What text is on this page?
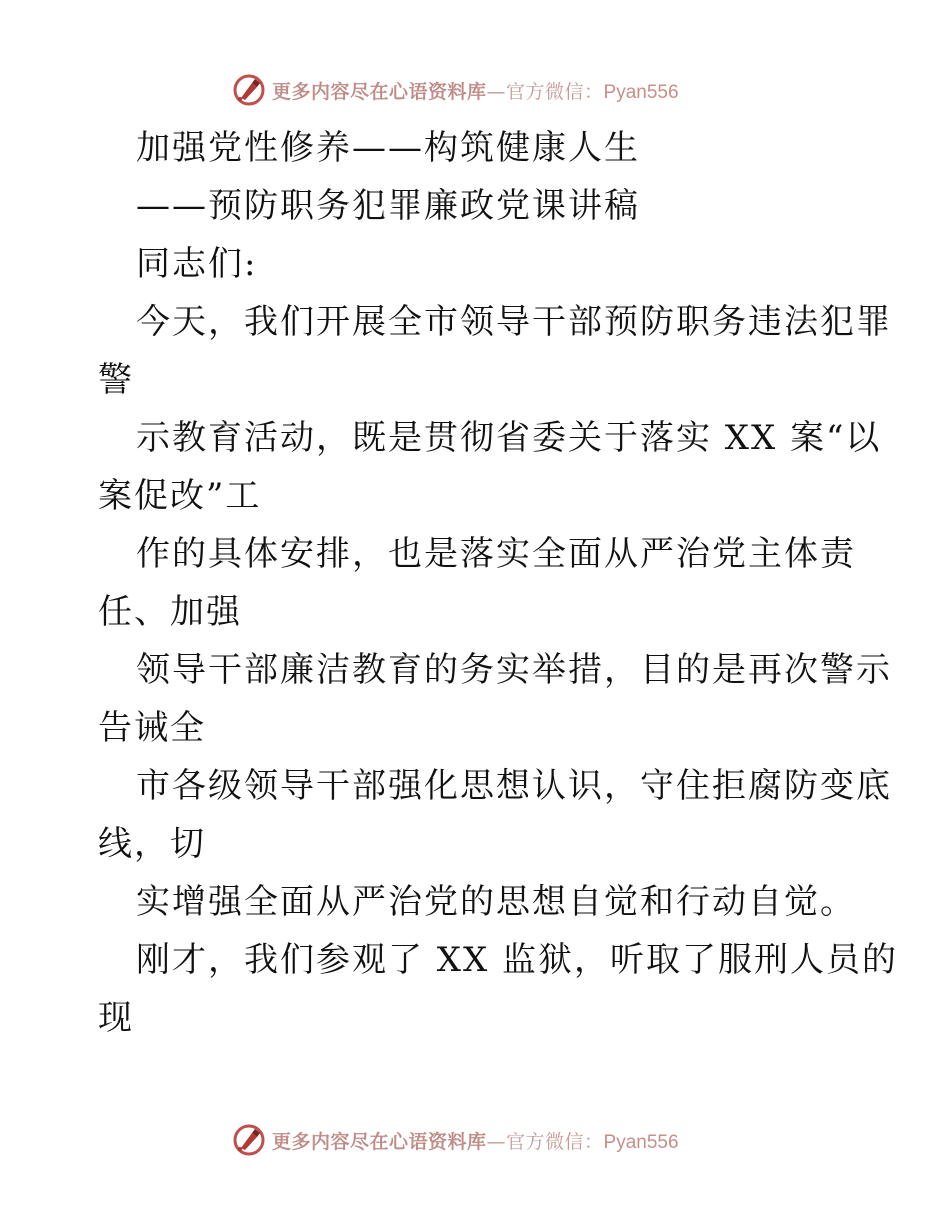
更多内容尽在心语资料库—官方微信：Pyan556
加强党性修养——构筑健康人生
——预防职务犯罪廉政党课讲稿
同志们:
今天，我们开展全市领导干部预防职务违法犯罪
警
示教育活动，既是贯彻省委关于落实 XX 案“以
案促改”工
作的具体安排，也是落实全面从严治党主体责
任、加强
领导干部廉洁教育的务实举措，目的是再次警示
告诫全
市各级领导干部强化思想认识，守住拒腐防变底
线，切
实增强全面从严治党的思想自觉和行动自觉。
刚才，我们参观了 XX 监狱，听取了服刑人员的
现
更多内容尽在心语资料库—官方微信：Pyan556
